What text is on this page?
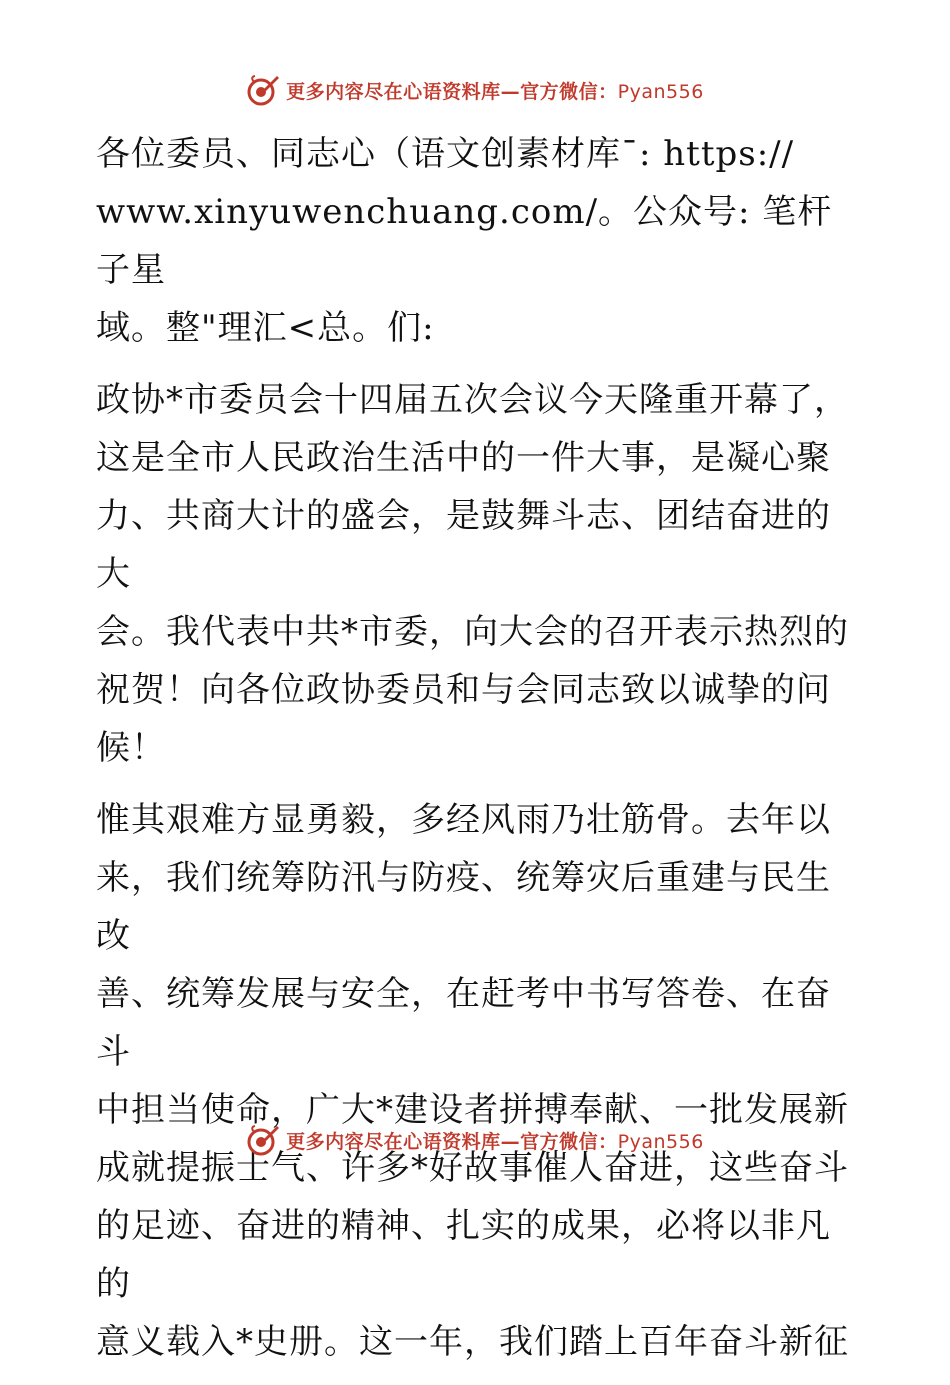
更多内容尽在心语资料库—官方微信：Pyan556

各位委员、同志心（语文创素材库¯: https://
www.xinyuwenchuang.com/。公众号: 笔杆子星
域。整"理汇<总。们:

政协*市委员会十四届五次会议今天隆重开幕了，
这是全市人民政治生活中的一件大事，是凝心聚
力、共商大计的盛会，是鼓舞斗志、团结奋进的大
会。我代表中共*市委，向大会的召开表示热烈的
祝贺！向各位政协委员和与会同志致以诚挚的问
候！

惟其艰难方显勇毅，多经风雨乃壮筋骨。去年以
来，我们统筹防汛与防疫、统筹灾后重建与民生改
善、统筹发展与安全，在赶考中书写答卷、在奋斗
中担当使命，广大*建设者拼搏奉献、一批发展新
成就提振士气、许多*好故事催人奋进，这些奋斗
的足迹、奋进的精神、扎实的成果，必将以非凡的
意义载入*史册。这一年，我们踏上百年奋斗新征

更多内容尽在心语资料库—官方微信：Pyan556
